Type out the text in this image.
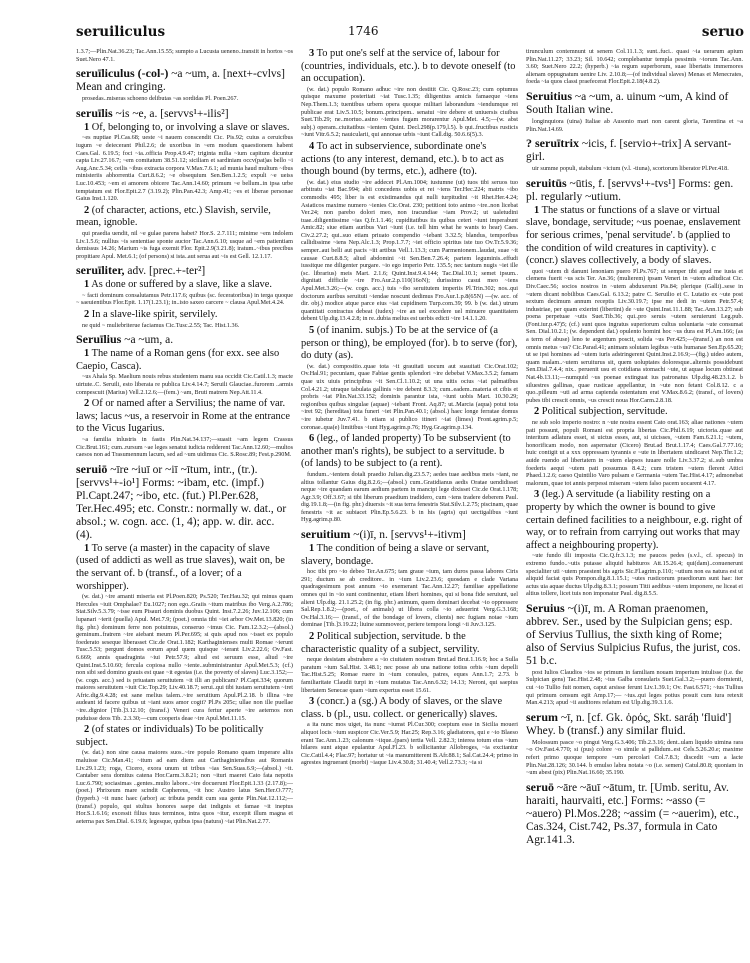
seruiliculus	1746	seruo
1.3.7;—Plin.Nat.36.23; Tac.Ann.15.55; sumpto a Lucusta ueneno..transiit in hortos ~os Suet.Nero 47.1.
seruīliculus (-col-) ~a ~um, a. [next+-cvlvs] Mean and cringing.
prosedas..miseras schoeno delibutas ~as sordidas Pl. Poen.267.
seruīlis ~is ~e, a. [servvs¹+-ilis²]
1 Of, belonging to, or involving a slave or slaves.
~es nuptiae Pl.Cas.68; ueste ~i nauem conscendit Cic. Pis.92; cuius a ceruicibus iugum ~e deiecerant Phil.2.6; de uxoribus in ~em modum quaestionem habent Caes.Gal. 6.19.5; foci ~ia..officia Prop.4.9.47; triginta milia ~ium capitum dicuntur capta Liv.27.16.7; ~em comitatum 38.51.12; siciliam et sardiniam occv(pat)as bello ~i Aug.Anc.5.34; ceilis ~ibus extracta corpora V.Max.7.6.1; ad munia haud multum ~ibus ministeriis abhorrentia Curt.8.6.2; ~e obsequium Sen.Ben.1.2.5; expuli ~e ueiss Luc.10.453; ~em ei amorem obicere Tac.Ann.14.60; primum ~e bellum..in ipsa urbe temptatum est Flor.Epit.2.7 (3.19.2); Plin.Pan.42.3; Amp.41; ~es et liberae personae Gaius Inst.1.120.
2 (of character, actions, etc.) Slavish, servile, mean, ignoble.
qui praedia uendit, nil ~e gulae parens habet? Hor.S. 2.7.111; minime ~em indolem Liv.1.5.6; nullius ~is sententiae sponte auctor Tac.Ann.6.10; usque ad ~em patientiam demissus 14.26; Marium ~is fuga exemit Flor. Epit.2.9(3.21.8); iratum..~ibus precibus propitiare Apul. Met.6.1; (of persons) si ista..aut serua aut ~is est Gell. 12.1.17.
seruīliter, adv. [prec.+-ter²]
1 As done or suffered by a slave, like a slave.
~ facti dominum consalutamus Petr.117.6; quibus (sc. feceratoribus) in terga quoque ~ saeuientibus Flor.Epit. 1.17(1.23.1); in..isto saxeo carcere ~ clausa Apul.Met.4.24.
2 In a slave-like spirit, servilely.
ne quid ~ muliebriterue faciamus Cic.Tusc.2.55; Tac. Hist.1.36.
Seruīlius ~a ~um, a.
1 The name of a Roman gens (for exx. see also Caepio, Casca).
~us Ahala Sp. Maelium nouis rebus studentem manu sua occidit Cic.Catil.1.3; macte uirtute..C. Seruili, esto liberata re publica Liv.4.14.7; Seruili Glauciae..furorem ..armis compescuit (Marius) Vell.2.12.6;—(fem.) ~am, Bruti matrem Nep.Att.11.4.
2 Of or named after a Servilius; the name of var. laws; lacus ~us, a reservoir in Rome at the entrance to the Vicus Iugarius.
~a familia inlustris in fastis Plin.Nat.34.137;—suasit ~am legem Crassus Cic.Brut.161; cum..rursum ~ae leges senatui iudicia redderent Tac.Ann.12.60;—multos caesos non ad Trasumennum lacum, sed ad ~um uidimus Cic. S.Rosc.89; Fest.p.290M.
seruiō ~īre ~iuī or ~iī ~ītum, intr., (tr.). [servvs¹+-io¹] Forms: ~ibam, etc. (impf.) Pl.Capt.247; ~ibo, etc. (fut.) Pl.Per.628, Ter.Hec.495; etc. Constr.: normally w. dat., or absol.; w. cogn. acc. (1, 4); app. w. dir. acc. (4).
1 To serve (a master) in the capacity of slave (used of addicti as well as true slaves), wait on, be the servant of. b (transf., of a lover; of a worshipper).
(w. dat.) ~ire amanti miseria est Pl.Poen.820; Ps.520; Ter.Hau.32; qui minus quam Hercules ~iuit Omphalae? Eu.1027; non ego..Graiis ~itum matribus ibo Verg.A.2.786; Stat.Silv.5.3.79; ~isse eum Pisauri dominis duobus Quint. Inst.7.2.26; Juv.12.106; cum lupanari ~ierit (puella) Apul. Met.7.9; (poet.) omnia tibi ~iet arbor Ov.Met.13.820; (in fig. phr.) dominum ferre non potuimus, conseruo ~imus Cic. Fam.12.3.2;—(absol.) geminum..fratrem ~ire aiebant meum Pl.Per.695; si quis apud nos ~isset ex populo foederato seseque liberasset Cic.de Orat.1.182; Karthaginienses multi Romae ~ierunt Tusc.5.53; pergunt domos eorum apud quem quisque ~ierant Liv.2.22.6; Ov.Fast. 6.669; annis quadraginta ~iui Petr.57.9; aliud est seruum esse, aliud ~ire Quint.Inst.5.10.60; fercula copiosa nullo ~iente..subministrantur Apul.Met.5.3; (cf.) non sibi sed domino grauis est quae ~it egestas (i.e. the poverty of slaves) Luc.3.152;—(w. cogn. acc.) sed is priuatam seruitutem ~it illi an publicam? Pl.Capt.334; quorum maiores seruitutem ~iuit Cic.Top.29; Liv.40.18.7; serui..qui tibi iustam seruitutem ~iret Afric.dig.9.4.28; est sane melius talem..~ire seruitium Apul.Pl.2.18. b illina ~ire audeant id facere quibus ut ~iant suos amor cogit? Pl.Ps 205c; ullae non ille puellae ~ire..dignior [Tib.]3.12.10; (transf.) Veneri cura fertur aperte ~ire aeternos non puduisse deos Tib. 2.3.30;—cum cooperis deae ~ire Apul.Met.11.15.
2 (of states or individuals) To be politically subject.
(w. dat.) non sine causa maiores suos..~ire populo Romano quam imperare aliis maluisse Cic.Man.41; ~itum ad eam diem aut Carthaginiensibus aut Romanis Liv.29.1.23; roga, Cicero, exora unum ut tribus ~ias Sen.Suas.6.9;—(absol.) ~it. Cantaber sera domitus catena Hor.Carm.3.8.21; non ~ituri maeret Cato fata nepotis Luc.6.790; sociasimas ..gentes..multo labore..~ire docuerunt Flor.Epit.1.33 (2.17.8);—(poet.) Phrixeum mare scindit Caphereus, ~it hoc Austro latus Sen.Her.O.777; (hyperb.) ~it nunc haec (arbor) ac tributa pendit cum sua gente Plin.Nat.12.112;—(transf.) populo, qui stultus honores saepe dat indignis et famae ~it ineptus Hor.S.1.6.16; excessit filius tuus terminos, intra quos ~itur, excepit illum magna et aeterna pax Sen.Dial. 6.19.6; legesque, quibus ipsa (natura) ~iat Plin.Nat.2.77.
3 To put one's self at the service of, labour for (countries, individuals, etc.). b to devote oneself (to an occupation).
(w. dat.) populo Romano adhuc ~ire non destitit Cic. Q.Rosc.23; cum optumus quisque maxume posteritati ~iat Tusc.1.35; diligentius amicis famaeque ~iens Nep.Them.1.3; tuentibus urbem opera quoque militari laborandum ~iendumque rei publicae erat Liv.5.10.5; bonum..principem.. senatui ~ire debere et uniuersis ciuibus Suet.Tib.29; ne..mortuo..asino ~ientes fugam morarentur Apul.Met. 4.5;—(w. abst subj.) operam..ciuitatibus ~ientem Quint. Decl.298(p.179,l.5). b qui..fructibus rusticis ~iunt Vitr.6.5.2; nauicularii, qui annonae urbis ~iunt Call.dig. 50.6.6(5).3.
4 To act in subservience, subordinate one's actions (to any interest, demand, etc.). b to act as though bound (by terms, etc.), adhere (to).
(w. dat.) eius studio ~ire addecet Pl.Am.1004; iustumne (ut) tuos tibi seruos tuo arbitratu ~iat Bac.994; abii concedens uobis et rei ~iens Ter.Hec.224; matris ~ibo commodis 495; liber is est existimandus qui nulli turpitudini ~it Rhet.Her.4.24; Asiaticos maxime numero ~ienies Cic.Orat. 230; petitioni toto animo ~ire..non licebat Ver.24; non parebo dolori meo, non iracundiae ~iam Prov.2; ut ualetudini tuae..diligentissime ~ias Q.fr.1.1.46; cupiditatibus iis quibus ceteri ~iunt imperabunt Amic.82; siue etiam auribus Vari ~iunt (i.e. tell him what he wants to hear) Caes. Civ.2.27.2; qui..suo etiam priuato compendio ~iebant 3.32.5; blandus, temporibus callidissime ~iens Nep.Alc.1.3; Prop.1.7.7; ~iet officio spiritus iste tuo Ov.Tr.5.9.36; semper..aut belli aut pacis ~iit artibus Vell.1.13.3; cum Parmenionem..laudat, suae ~it causae Curt.8.8.5; aliud abdomini ~it Sen.Ben.7.26.4; partem leguminis..effudi iussitque me diligenter purgare. ~io ego imperio Petr. 135.5; nec tantum nugis ~iet ille (sc. librarius) meis Mart. 2.1.6; Quint.Inst.9.4.144; Tac.Dial.10.1; semet ipsum.. dignitati difficile ~ire Fro.Aur.2.p.110(16oN); durissimo casui meo ~iens Apul.Met.3.26;—(w. cogn. acc.) tuis ~ibo seruitutem imperiis Pl.Trin.302; nos..qui doctorum auribus seruituti ~iendae noscunt dedimus Fro.Aur.1.p.8(65N) —(w. acc. of dir. obj.) modice atque parce eius ~iat cupidinem Turp.com.39; 99. b (w. dat.) utrum quantitati contractus debeat (iudex) ~ire an uel excedere uel minuere quantitatem debent Ulp.dig.13.4.2.8; in re..dubia melius est uerbis edicti ~ire 14.1.1.20.
5 (of inanim. subjs.) To be at the service of (a person or thing), be employed (for). b to serve (for), do duty (as).
(w. dat.) compositio..quae tota ~it grauitati uocum aut suauitati Cic.Orat.102; Ov.Hal.91; pecuniam, quae Fabiae gentis splendori ~ire debebat V.Max.3.5.2; famam quae uix uiuis principibus ~it Sen.Cl.1.10.2; ut una uitis ocius ~iat palmatibus Col.4.21.2; utraque tabulata gallinis ~ire debent 8.3.3; cum..eadem..materia et cibis et probris ~iat Plin.Nat.33.152; dominis parantur ista, ~iunt uobis Mart. 10.30.29; regionibus quibus singulae (aquae) ~iebant Front. Aq.87; ut..Marcia (aqua) potui tota ~iret 92; (hereditas) tota funeri ~iet Plin.Pan.40.1; (absol.) haec longe ferratae domus ~ire iubetur Juv.7.41. b etiam si publico itineri ~iat (limes) Front.agrim.p.5; coronae..qua(e) limitibus ~iunt Hyg.agrim.p.76; Hyg.Gr.agrim.p.134.
6 (leg., of landed property) To be subservient (to another man's rights), be subject to a servitude. b (of lands) to be subject to (a rent).
fundum..~ientem dotali praedio Julian.dig.23.5.7; aedes tuae aedibus meis ~iant, ne altius tollantur Gaius dig.8.2.6;—(absol.) cum..Gratidianus aedis Oratae uendidisset neque ~ire quandam earum aedium partem in mancipi lege dixisset Cic.de Orat.1.178; Agr.3.9; Off.3.67; si tibi liberum praedium tradidero, cum ~iens tradere deberem Paul. dig.19.1.8;—(in fig. phr.) diuersis ~it sua terra fenestris Stat.Silv.1.2.75; piscinam, quae fenestris ~it ac subiacet Plin.Ep.5.6.23. b in his (agris) qui uectigalibus ~iunt Hyg.agrim.p.80.
seruitium ~(i)ī, n. [servvs¹+-itivm]
1 The condition of being a slave or servant, slavery, bondage.
hoc tibi pro ~io debeo Ter.An.675; tam graue ~ium, tam duros passa labores Ciris 291; ductum se ab creditore.. in ~ium Liv.2.23.6; quosdam e clade Variana quadragesimum post annum ~io exemerant Tac.Ann.12.27; familiae appellatione omnes qui in ~io sunt continentur, etiam liberi homines, qui si bona fide seruiunt, uel alieni Ulp.dig. 21.1.25.2; (in fig. phr.) animum, quem dominari decebat ~io oppressere Sal.Rep.1.8.2;—(poet., of animals) ut libera colla ~io adsuerint Verg.G.3.168; Ov.Hal.3.16;— (transf., of the bondage of lovers, clients) nec fugiam notae ~ium dominae [Tib.]3.19.22; liuine summoveor, periere tempora longi ~ii Juv.3.125.
2 Political subjection, servitude. b the characteristic quality of a subject, servility.
neque desistam abstrahere a ~io ciuitatem nostram Brut.ad Brut.1.16.9; hoc a Sulla paratum ~ium Sal.Hist. 3.48.1; nec posse ab una natione totius orbis ~ium depelli Tac.Hist.5.25; Romae ruere in ~ium consules, patres, eques Ann.1.7; 2.73. b familiaritate Claudii turpi in ~ium mutatus Tac.Ann.6.32; 14.13; Neroni, qui saepius libertatem Senecae quam ~ium expertus esset 15.61.
3 (concr.) a (sg.) A body of slaves, or the slave class. b (pl., usu. collect. or generically) slaves.
a ita nunc mos uiget, ita nunc ~iumst Pl.Cur.300; coeptum esse in Sicilia moueri aliquot locis ~ium suspicor Cic.Ver.5.9; Har.25; Rep.3.16; gladiatores, qui e ~io Blaeso erant Tac.Ann.1.23; calonum ~iique..(pars) tertia Vell. 2.82.3; interea totum eius ~ium hilares sunt atque epulantur Apul.Fl.23. b sollicitantur Allobroges, ~ia excitantur Cic.Catil.4.4; Flac.97; hortatur ut ~ia manumitterent B.Afr.88.1; Sal.Cat.24.4; primo in agrestes ingruerant (morbi) ~iaque Liv.4.30.8; 31.40.4; Vell.2.73.3; ~ia si
tirunculum contemnunt ut senem Col.11.1.3; sunt..fuci.. quasi ~ia uerarum apium Plin.Nat.11.27; 33.23; Sil. 10.642; complebantur templa pessimis ~iorum Tac.Ann. 3.60; Suet.Nero 22.2; (hyperb.) ~ia regum superborum, suae libertatis immemores alienam oppugnatum uenire Liv. 2.10.8;—(of individual slaves) Menas et Menecrates, foeda ~ia quos classi praefecerat Flor.Epit.2.18(4.8.2).
Seruitius ~a ~um, a. uinum ~um, A kind of South Italian wine.
longinquiora (uina) Italiae ab Ausonio mari non carent gloria, Tarentina et ~a Plin.Nat.14.69.
? seruītrix ~icis, f. [servio+-trix] A servant-girl.
uir summe populi, stabulum ~icium (v.l. -tiuna), scortorum liberator Pl.Per.418.
seruitūs ~ūtis, f. [servvs¹+-tvs¹] Forms: gen. pl. regularly ~utium.
1 The status or functions of a slave or virtual slave, bondage, servitude; ~us poenae, enslavement for serious crimes, 'penal servitude'. b (applied to the condition of wild creatures in captivity). c (concr.) slaves collectively, a body of slaves.
quoi ~utem di danunt lenoniam puero Pl.Ps.767; ut semper tibi apud me iusta et clemens fuerit ~us scis Ter. An.36; (mulierem) ipsam Veneri in ~utem adiudicat Cic. Div.Caec.56; socios nostros in ~utem abduxerunt Pis.84; plerique (Galli)..sese in ~utem dicant nobilibus Caes.Gal. 6.13.2; patre C. Seruilio et C. Lutatio ex ~ute post sextum decimum annum receptis Liv.30.19.7; ipse me dedi in ~utem Petr.57.4; industriae, per quam exierint (libertini) de ~ute Quint.Inst.11.1.88; Tac.Ann.13.27; sub poena perpetuae ~utis Suet.Tib.36; qui..pro seruis ~utem seruierunt Leg.pub.(Font.iur.p.47)5; (cf.) sunt quos ingratus superiorum cultus uoluntaria ~ute consumat Sen. Dial.10.2.1; (w. dependent dat.) opulento homini hoc ~us dura est Pl.Am.166; (as a term of abuse) leno te argentum poscit, solida ~us Per.425;—(transf.) an non est omnis metus ~us? Cic.Parad.41; animam solutam legibus ~utis humanae Sen.Ep.65.20; ut se ipsi homines ad ~utem iuris adstringerent Quint.Inst.2.16.9;—(fig.) uideo autem, quam malam..~utem seruiturus sit, quem uoluptates doloresque..alternis possidebunt Sen.Dial.7.4.4; nix.. peruenit usu et cotidiana stomachi ~ute, ut aquae locum obtineat Nat.4b.13.11;—numquid ~us poenae extinguat ius patronatus Ulp.dig.48.23.1.2. b siluestres gallinas, quae rusticae appellantur, in ~ute non fetant Col.8.12. c a quo..pilleum ~uti ad arma capienda ostentatum erat V.Max.8.6.2; (transf., of lovers) pubes tibi crescit omnis, ~us crescit noua Hor.Carm.2.8.18.
2 Political subjection, servitude.
ne sub solo imperio nostro: n ~ute nostra essent Cato orat.163; aliae nationes ~utem pati possunt, populi Romani est propria libertas Cic.Phil.6.19; uictoria..quae aut interitum adlatura esset, si uictus esses, aut, si uicisses, ~utem Fam.6.21.1; ~utem, honorificam modo, non aspernatur (Cicero) Brut.ad Brut.1.17.4; Caes.Gal.7.77.16; huic contigit ut a xxx oppressam tyrannis e ~ute in libertatem uindicaret Nep.Thr.1.2; auide ruendo ad libertatem in ~utem elapsos iuuare nolle Liv.3.37.2; si..sub umbra foederis aequi ~utem pati possumus 8.4.2; cum tristem ~utem flerent Attici Phaed.1.2.6; caeso Quintilio Varo pulsam e Germania ~utem Tac.Hist.4.17; admonebat malorum, quae tot annis perpessi miseram ~utem falso pacem uocarent 4.17.
3 (leg.) A servitude (a liability resting on a property by which the owner is bound to give certain defined facilities to a neighbour, e.g. right of way, or to refrain from carrying out works that may affect a neighbouring property).
~ute fundo illi imposita Cic.Q.fr.3.1.3; me paucos pedes (s.v.l., cf. specus) in extremo fundo..~utis putasse aliquid habituros Att.15.26.4; qui(dam)..conuenerunt specialiter uti ~utem praestent bis agris Sic.Fl.agrim.p.110; ~utium non ea natura est ut aliquid faciat quis Pompon.dig.8.1.15.1; ~utes rusticorum praediorum sunt hae: iter actus uia aquae ductus Ulp.dig.8.3.1; possum Titii aedibus ~utem imponere, ne liceat ei altius tollere, licet tuis non imponatur Paul. dig.8.5.5.
Seruius ~(i)ī, m. A Roman praenomen, abbrev. Ser., used by the Sulpician gens; esp. of Servius Tullius, the sixth king of Rome; also of Servius Sulpicius Rufus, the jurist, cos. 51 b.c.
post Iulios Claudios ~ios se primum in familiam nouam imperium intulisse (i.e. the Sulpician gens) Tac.Hist.2.48; ~ius Galba consularis Suet.Gal.3.2;—puero dormienti, cui ~io Tullio fuit nomen, caput arsisse ferunt Liv.1.39.1; Ov. Fast.6.571; ~ius Tullius qui primum censum egit Amp.17;— ~ius..qui leges potius posuit cum iura retexit Man.4.213; apud ~ii auditores relatum est Ulp.dig.39.3.1.6.
serum ~ī, n. [cf. Gk. ὀρός, Skt. saráḥ 'fluid'] Whey. b (transf.) any similar fluid.
Molossum pasce ~o pingui Verg.G.3.406; Tib.2.3.16; dent..ulam liquido uimina rara ~o Ov.Fast.4.770; si (pus) colore ~o simile si pallidum..est Cels.5.26.20.e; maxime refert primo quoque tempore ~um percolari Col.7.8.3; discedit ~um a lacte Plin.Nat.28.126; 30.144. b emulso labra notata ~o (i.e. semen) Catul.80.8; quoniam in ~um abest (pix) Plin.Nat.16.60; 35.190.
seruō ~āre ~āuī ~ātum, tr. [Umb. seritu, Av. haraiti, haurvaiti, etc.] Forms: ~asso (= ~auero) Pl.Mos.228; ~assim (= ~auerim), etc., Cas.324, Cist.742, Ps.37, formula in Cato Agr.141.3.
